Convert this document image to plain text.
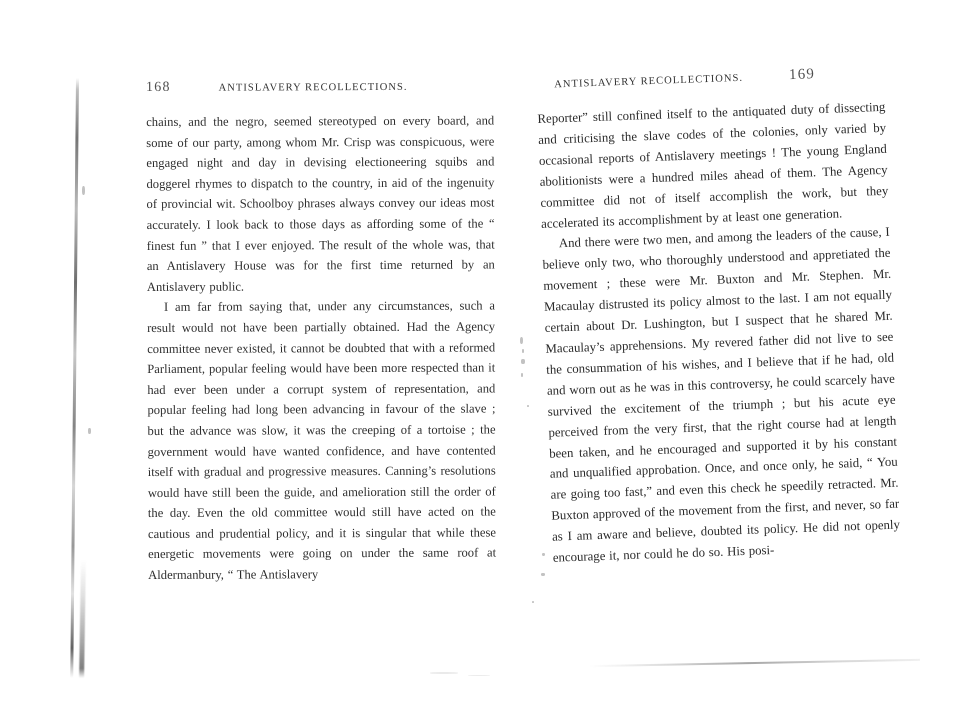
168	ANTISLAVERY RECOLLECTIONS.

chains, and the negro, seemed stereotyped on every board, and some of our party, among whom Mr. Crisp was conspicuous, were engaged night and day in devising electioneering squibs and doggerel rhymes to dispatch to the country, in aid of the ingenuity of provincial wit. Schoolboy phrases always convey our ideas most accurately. I look back to those days as affording some of the “ finest fun ” that I ever enjoyed. The result of the whole was, that an Antislavery House was for the first time returned by an Antislavery public.

I am far from saying that, under any circumstances, such a result would not have been partially obtained. Had the Agency committee never existed, it cannot be doubted that with a reformed Parliament, popular feeling would have been more respected than it had ever been under a corrupt system of representation, and popular feeling had long been advancing in favour of the slave ; but the advance was slow, it was the creeping of a tortoise ; the government would have wanted confidence, and have contented itself with gradual and progressive measures. Canning’s resolutions would have still been the guide, and amelioration still the order of the day. Even the old committee would still have acted on the cautious and prudential policy, and it is singular that while these energetic movements were going on under the same roof at Aldermanbury, “ The Antislavery

ANTISLAVERY RECOLLECTIONS.	169

Reporter” still confined itself to the antiquated duty of dissecting and criticising the slave codes of the colonies, only varied by occasional reports of Antislavery meetings ! The young England abolitionists were a hundred miles ahead of them. The Agency committee did not of itself accomplish the work, but they accelerated its accomplishment by at least one generation.

And there were two men, and among the leaders of the cause, I believe only two, who thoroughly understood and appretiated the movement ; these were Mr. Buxton and Mr. Stephen. Mr. Macaulay distrusted its policy almost to the last. I am not equally certain about Dr. Lushington, but I suspect that he shared Mr. Macaulay’s apprehensions. My revered father did not live to see the consummation of his wishes, and I believe that if he had, old and worn out as he was in this controversy, he could scarcely have survived the excitement of the triumph ; but his acute eye perceived from the very first, that the right course had at length been taken, and he encouraged and supported it by his constant and unqualified approbation. Once, and once only, he said, “ You are going too fast,” and even this check he speedily retracted. Mr. Buxton approved of the movement from the first, and never, so far as I am aware and believe, doubted its policy. He did not openly encourage it, nor could he do so. His posi-
